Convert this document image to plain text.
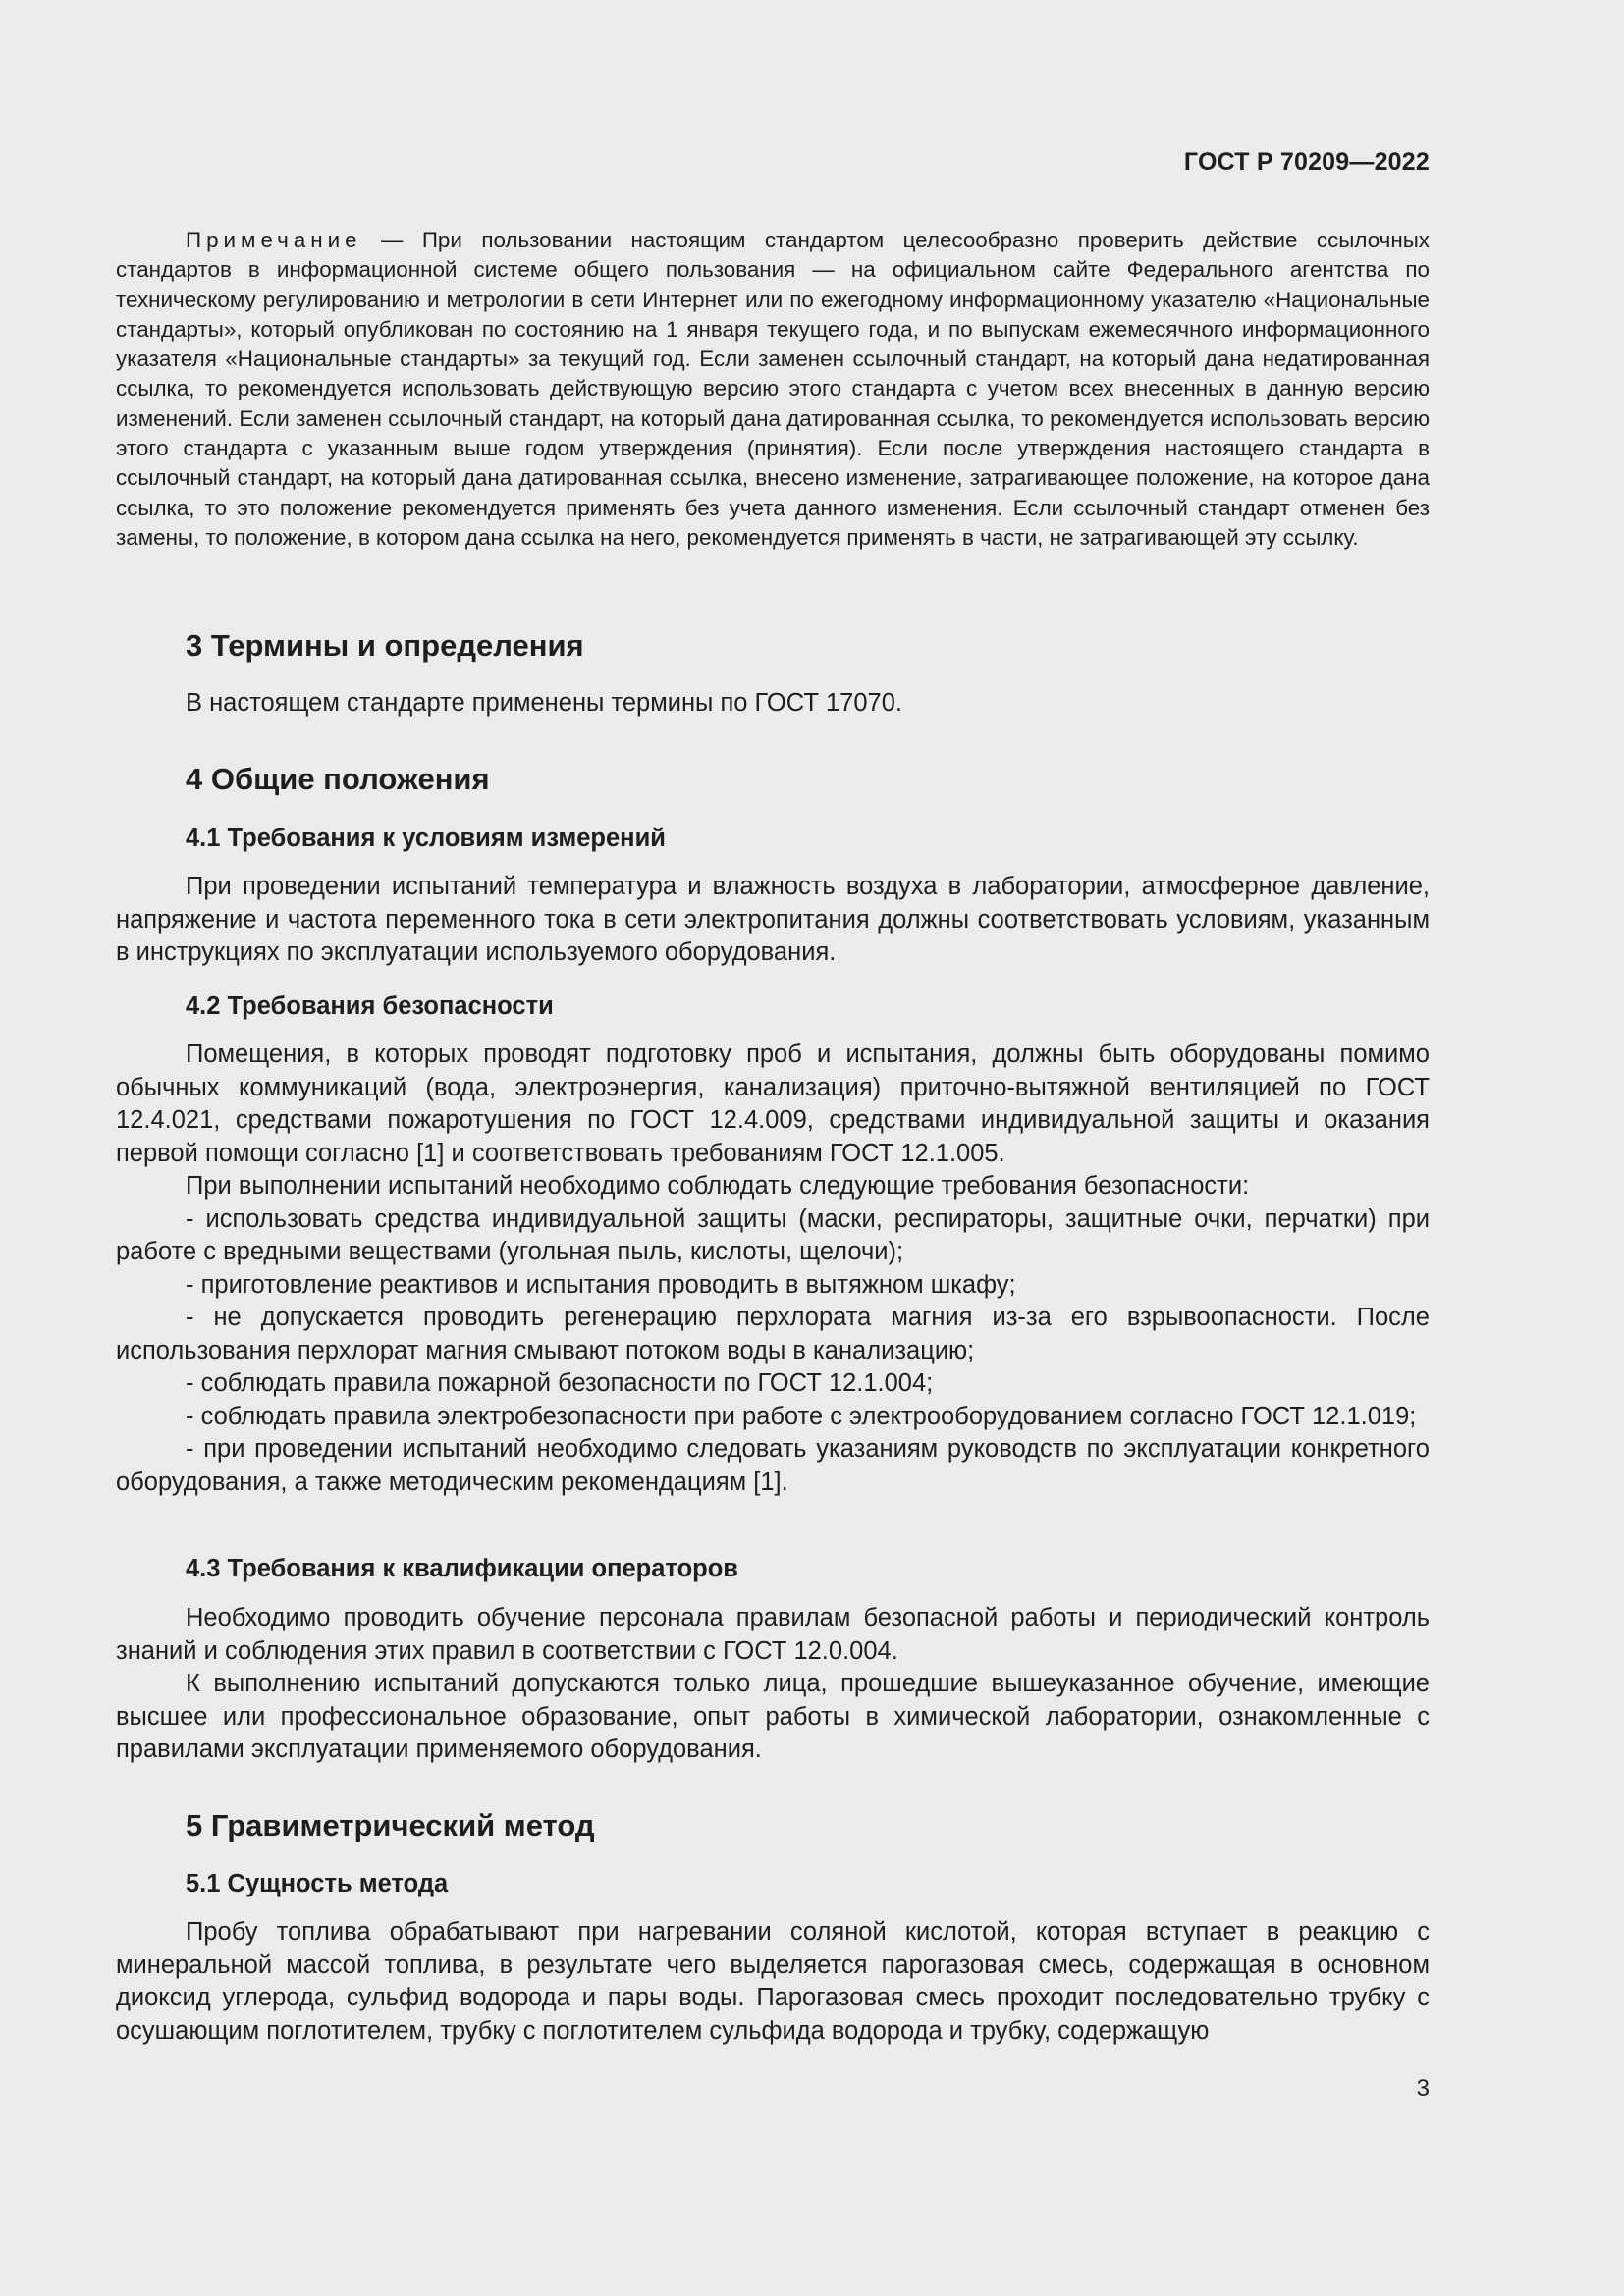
ГОСТ Р 70209—2022
Примечание — При пользовании настоящим стандартом целесообразно проверить действие ссылочных стандартов в информационной системе общего пользования — на официальном сайте Федерального агентства по техническому регулированию и метрологии в сети Интернет или по ежегодному информационному указателю «Национальные стандарты», который опубликован по состоянию на 1 января текущего года, и по выпускам ежемесячного информационного указателя «Национальные стандарты» за текущий год. Если заменен ссылочный стандарт, на который дана недатированная ссылка, то рекомендуется использовать действующую версию этого стандарта с учетом всех внесенных в данную версию изменений. Если заменен ссылочный стандарт, на который дана датированная ссылка, то рекомендуется использовать версию этого стандарта с указанным выше годом утверждения (принятия). Если после утверждения настоящего стандарта в ссылочный стандарт, на который дана датированная ссылка, внесено изменение, затрагивающее положение, на которое дана ссылка, то это положение рекомендуется применять без учета данного изменения. Если ссылочный стандарт отменен без замены, то положение, в котором дана ссылка на него, рекомендуется применять в части, не затрагивающей эту ссылку.
3 Термины и определения
В настоящем стандарте применены термины по ГОСТ 17070.
4 Общие положения
4.1 Требования к условиям измерений
При проведении испытаний температура и влажность воздуха в лаборатории, атмосферное давление, напряжение и частота переменного тока в сети электропитания должны соответствовать условиям, указанным в инструкциях по эксплуатации используемого оборудования.
4.2 Требования безопасности

Помещения, в которых проводят подготовку проб и испытания, должны быть оборудованы помимо обычных коммуникаций (вода, электроэнергия, канализация) приточно-вытяжной вентиляцией по ГОСТ 12.4.021, средствами пожаротушения по ГОСТ 12.4.009, средствами индивидуальной защиты и оказания первой помощи согласно [1] и соответствовать требованиям ГОСТ 12.1.005.

При выполнении испытаний необходимо соблюдать следующие требования безопасности:

- использовать средства индивидуальной защиты (маски, респираторы, защитные очки, перчатки) при работе с вредными веществами (угольная пыль, кислоты, щелочи);

- приготовление реактивов и испытания проводить в вытяжном шкафу;

- не допускается проводить регенерацию перхлората магния из-за его взрывоопасности. После использования перхлорат магния смывают потоком воды в канализацию;

- соблюдать правила пожарной безопасности по ГОСТ 12.1.004;

- соблюдать правила электробезопасности при работе с электрооборудованием согласно ГОСТ 12.1.019;

- при проведении испытаний необходимо следовать указаниям руководств по эксплуатации конкретного оборудования, а также методическим рекомендациям [1].

4.3 Требования к квалификации операторов

Необходимо проводить обучение персонала правилам безопасной работы и периодический контроль знаний и соблюдения этих правил в соответствии с ГОСТ 12.0.004.

К выполнению испытаний допускаются только лица, прошедшие вышеуказанное обучение, имеющие высшее или профессиональное образование, опыт работы в химической лаборатории, ознакомленные с правилами эксплуатации применяемого оборудования.

5 Гравиметрический метод
5.1 Сущность метода
Пробу топлива обрабатывают при нагревании соляной кислотой, которая вступает в реакцию с минеральной массой топлива, в результате чего выделяется парогазовая смесь, содержащая в основном диоксид углерода, сульфид водорода и пары воды. Парогазовая смесь проходит последовательно трубку с осушающим поглотителем, трубку с поглотителем сульфида водорода и трубку, содержащую
3
